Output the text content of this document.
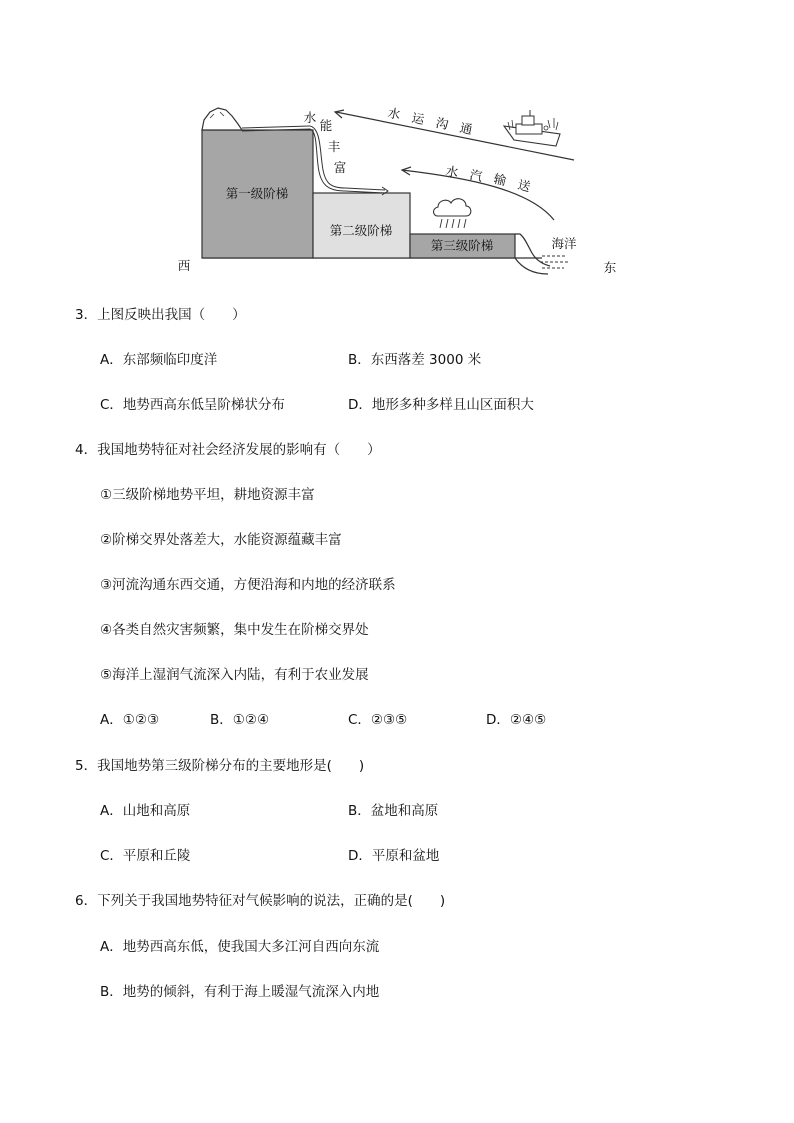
第一级阶梯
第二级阶梯
第三级阶梯
水
能
丰
富
水 运 沟 通
水 汽 输 送
海洋
西	东
3．上图反映出我国（　　）
A．东部频临印度洋	B．东西落差 3000 米
C．地势西高东低呈阶梯状分布	D．地形多种多样且山区面积大
4．我国地势特征对社会经济发展的影响有（　　）
①三级阶梯地势平坦，耕地资源丰富
②阶梯交界处落差大，水能资源蕴藏丰富
③河流沟通东西交通，方便沿海和内地的经济联系
④各类自然灾害频繁，集中发生在阶梯交界处
⑤海洋上湿润气流深入内陆，有利于农业发展
A．①②③	B．①②④	C．②③⑤	D．②④⑤
5．我国地势第三级阶梯分布的主要地形是(　　)
A．山地和高原	B．盆地和高原
C．平原和丘陵	D．平原和盆地
6．下列关于我国地势特征对气候影响的说法，正确的是(　　)
A．地势西高东低，使我国大多江河自西向东流
B．地势的倾斜，有利于海上暖湿气流深入内地
